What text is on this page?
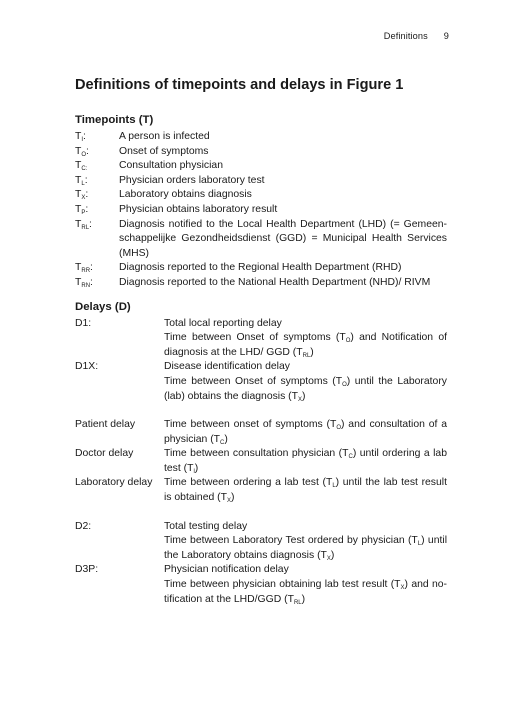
Definitions 9
Definitions of timepoints and delays in Figure 1
Timepoints (T)
$T_I$:	A person is infected
$T_O$:	Onset of symptoms
$T_{C:}$	Consultation physician
$T_L$:	Physician orders laboratory test
$T_X$:	Laboratory obtains diagnosis
$T_P$:	Physician obtains laboratory result
$T_{RL}$:	Diagnosis notified to the Local Health Department (LHD) (= Gemeen-schappelijke Gezondheidsdienst (GGD) = Municipal Health Services (MHS)
$T_{RR}$:	Diagnosis reported to the Regional Health Department (RHD)
$T_{RN}$:	Diagnosis reported to the National Health Department (NHD)/ RIVM
Delays (D)
D1:	Total local reporting delay
Time between Onset of symptoms $(T_O)$ and Notification of diagnosis at the LHD/ GGD $(T_{RL})$
D1X:	Disease identification delay
Time between Onset of symptoms $(T_O)$ until the Laboratory (lab) obtains the diagnosis $(T_X)$
Patient delay	Time between onset of symptoms $(T_O)$ and consultation of a physician $(T_C)$
Doctor delay	Time between consultation physician $(T_C)$ until ordering a lab test $(T_l)$
Laboratory delay	Time between ordering a lab test $(T_L)$ until the lab test result is obtained $(T_X)$
D2:	Total testing delay
Time between Laboratory Test ordered by physician $(T_L)$ until the Laboratory obtains diagnosis $(T_X)$
D3P:	Physician notification delay
Time between physician obtaining lab test result $(T_X)$ and no-tification at the LHD/GGD $(T_{RL})$
